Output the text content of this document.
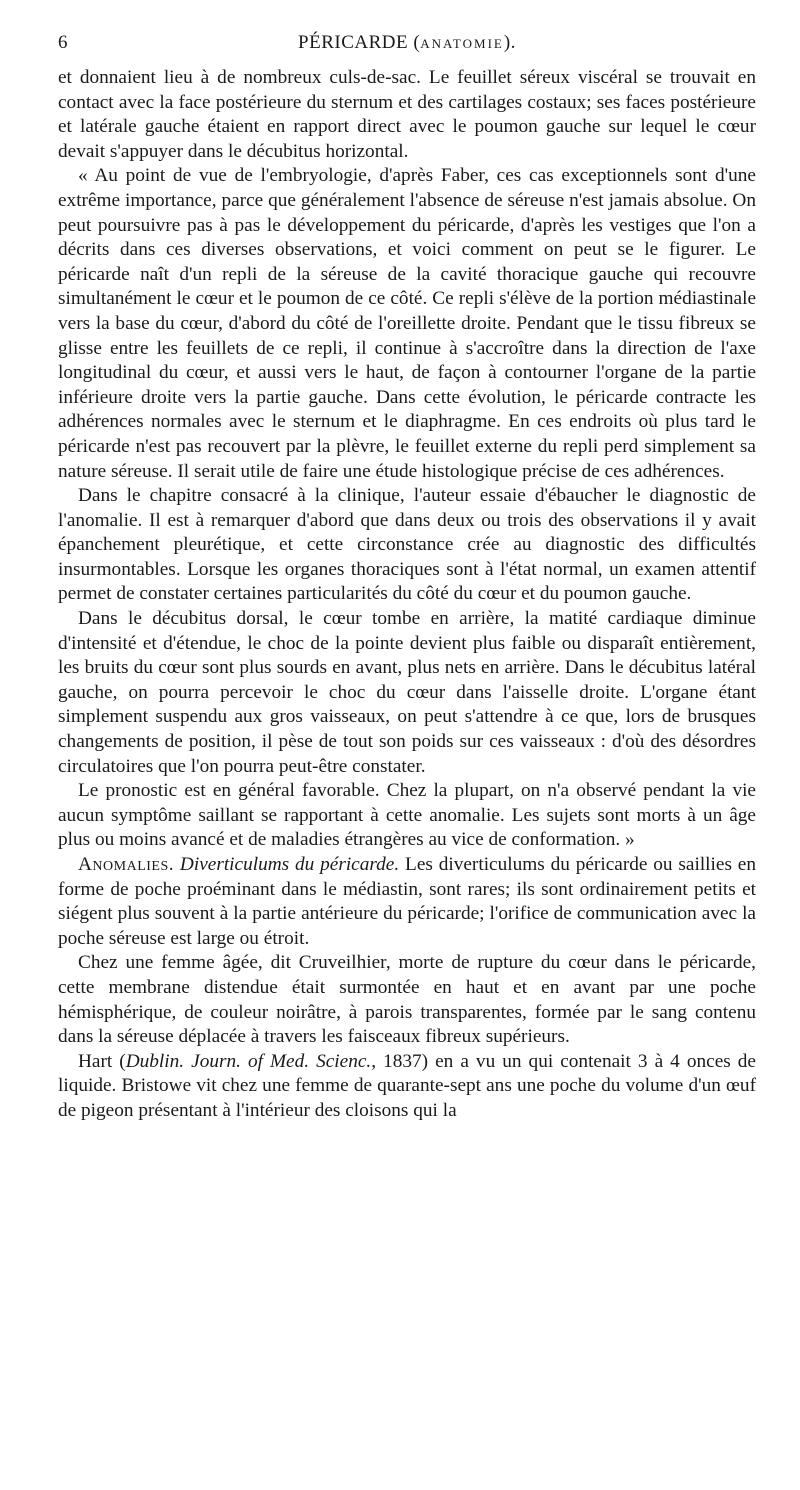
6	PÉRICARDE (ANATOMIE).

et donnaient lieu à de nombreux culs-de-sac. Le feuillet séreux viscéral se trouvait en contact avec la face postérieure du sternum et des cartilages costaux; ses faces postérieure et latérale gauche étaient en rapport direct avec le poumon gauche sur lequel le cœur devait s'appuyer dans le décubitus horizontal.

« Au point de vue de l'embryologie, d'après Faber, ces cas exceptionnels sont d'une extrême importance, parce que généralement l'absence de séreuse n'est jamais absolue. On peut poursuivre pas à pas le développement du péricarde, d'après les vestiges que l'on a décrits dans ces diverses observations, et voici comment on peut se le figurer. Le péricarde naît d'un repli de la séreuse de la cavité thoracique gauche qui recouvre simultanément le cœur et le poumon de ce côté. Ce repli s'élève de la portion médiastinale vers la base du cœur, d'abord du côté de l'oreillette droite. Pendant que le tissu fibreux se glisse entre les feuillets de ce repli, il continue à s'accroître dans la direction de l'axe longitudinal du cœur, et aussi vers le haut, de façon à contourner l'organe de la partie inférieure droite vers la partie gauche. Dans cette évolution, le péricarde contracte les adhérences normales avec le sternum et le diaphragme. En ces endroits où plus tard le péricarde n'est pas recouvert par la plèvre, le feuillet externe du repli perd simplement sa nature séreuse. Il serait utile de faire une étude histologique précise de ces adhérences.

Dans le chapitre consacré à la clinique, l'auteur essaie d'ébaucher le diagnostic de l'anomalie. Il est à remarquer d'abord que dans deux ou trois des observations il y avait épanchement pleurétique, et cette circonstance crée au diagnostic des difficultés insurmontables. Lorsque les organes thoraciques sont à l'état normal, un examen attentif permet de constater certaines particularités du côté du cœur et du poumon gauche.

Dans le décubitus dorsal, le cœur tombe en arrière, la matité cardiaque diminue d'intensité et d'étendue, le choc de la pointe devient plus faible ou disparaît entièrement, les bruits du cœur sont plus sourds en avant, plus nets en arrière. Dans le décubitus latéral gauche, on pourra percevoir le choc du cœur dans l'aisselle droite. L'organe étant simplement suspendu aux gros vaisseaux, on peut s'attendre à ce que, lors de brusques changements de position, il pèse de tout son poids sur ces vaisseaux : d'où des désordres circulatoires que l'on pourra peut-être constater.

Le pronostic est en général favorable. Chez la plupart, on n'a observé pendant la vie aucun symptôme saillant se rapportant à cette anomalie. Les sujets sont morts à un âge plus ou moins avancé et de maladies étrangères au vice de conformation. »

Anomalies. Diverticulums du péricarde. Les diverticulums du péricarde ou saillies en forme de poche proéminant dans le médiastin, sont rares; ils sont ordinairement petits et siégent plus souvent à la partie antérieure du péricarde; l'orifice de communication avec la poche séreuse est large ou étroit.

Chez une femme âgée, dit Cruveilhier, morte de rupture du cœur dans le péricarde, cette membrane distendue était surmontée en haut et en avant par une poche hémisphérique, de couleur noirâtre, à parois transparentes, formée par le sang contenu dans la séreuse déplacée à travers les faisceaux fibreux supérieurs.

Hart (Dublin. Journ. of Med. Scienc., 1837) en a vu un qui contenait 3 à 4 onces de liquide. Bristowe vit chez une femme de quarante-sept ans une poche du volume d'un œuf de pigeon présentant à l'intérieur des cloisons qui la
